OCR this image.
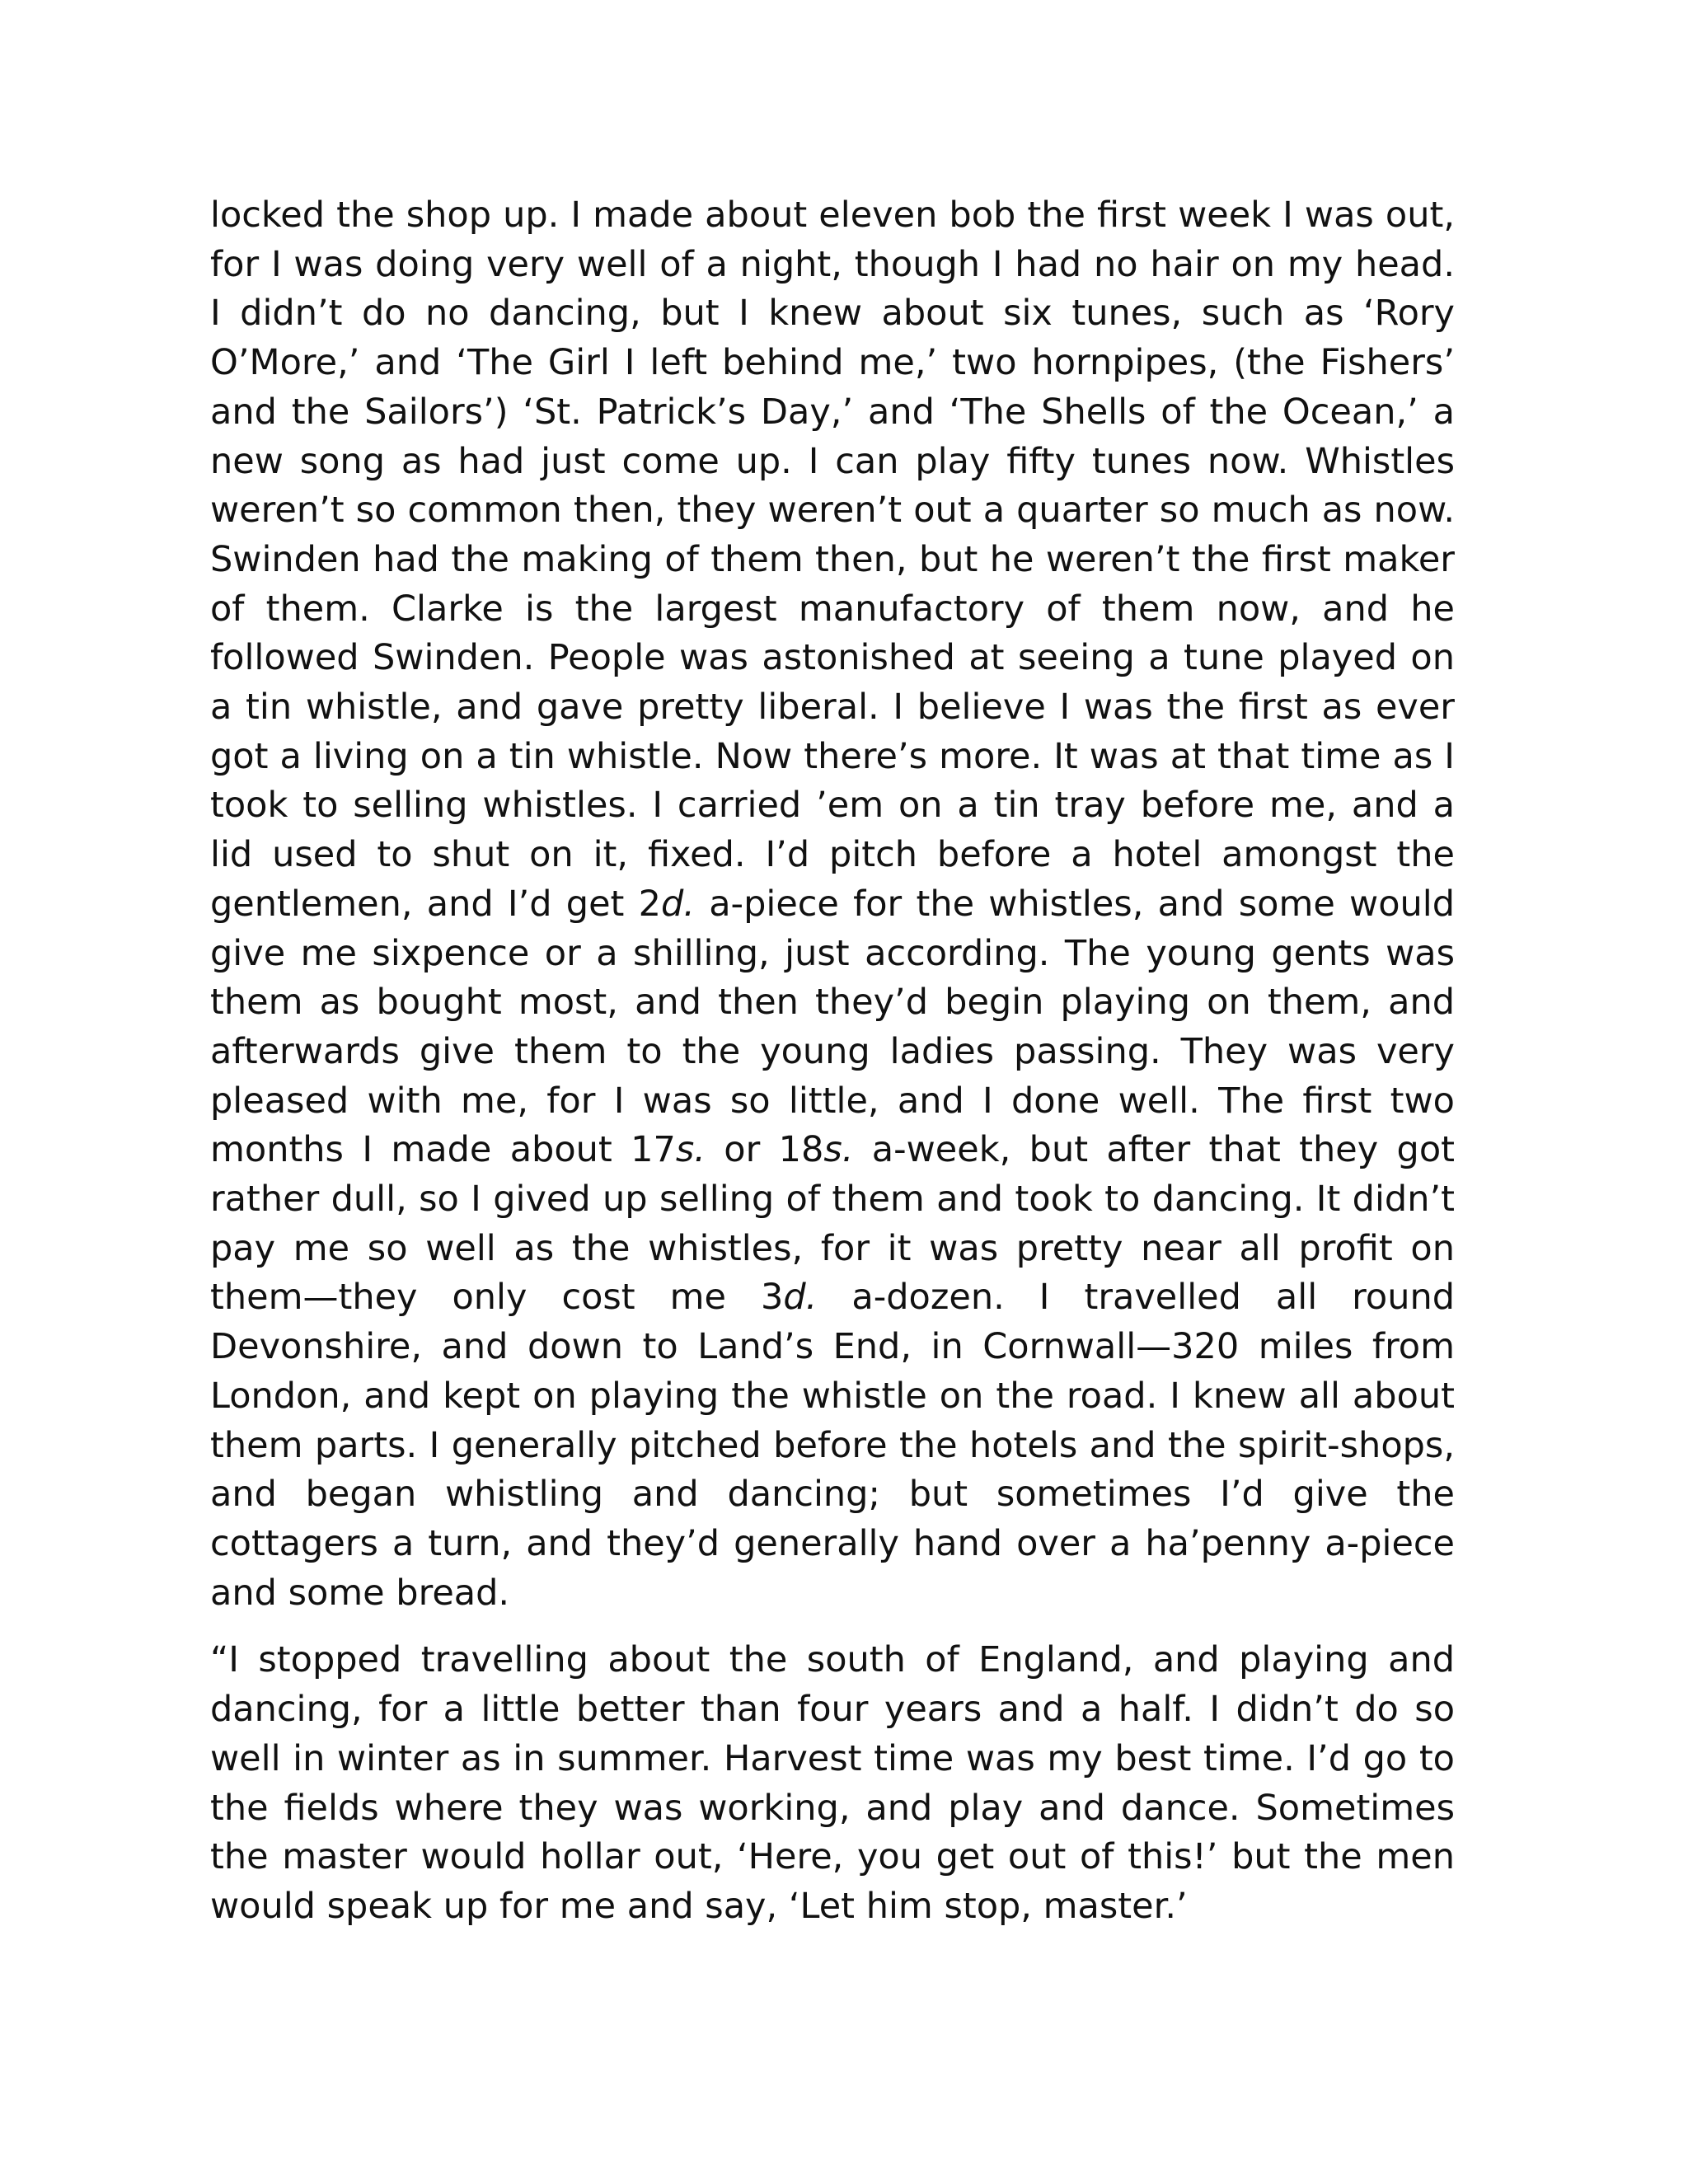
locked the shop up. I made about eleven bob the first week I was out, for I was doing very well of a night, though I had no hair on my head. I didn’t do no dancing, but I knew about six tunes, such as ‘Rory O’More,’ and ‘The Girl I left behind me,’ two hornpipes, (the Fishers’ and the Sailors’) ‘St. Patrick’s Day,’ and ‘The Shells of the Ocean,’ a new song as had just come up. I can play fifty tunes now. Whistles weren’t so common then, they weren’t out a quarter so much as now. Swinden had the making of them then, but he weren’t the first maker of them. Clarke is the largest manufactory of them now, and he followed Swinden. People was astonished at seeing a tune played on a tin whistle, and gave pretty liberal. I believe I was the first as ever got a living on a tin whistle. Now there’s more. It was at that time as I took to selling whistles. I carried ’em on a tin tray before me, and a lid used to shut on it, fixed. I’d pitch before a hotel amongst the gentlemen, and I’d get 2d. a-piece for the whistles, and some would give me sixpence or a shilling, just according. The young gents was them as bought most, and then they’d begin playing on them, and afterwards give them to the young ladies passing. They was very pleased with me, for I was so little, and I done well. The first two months I made about 17s. or 18s. a-week, but after that they got rather dull, so I gived up selling of them and took to dancing. It didn’t pay me so well as the whistles, for it was pretty near all profit on them—they only cost me 3d. a-dozen. I travelled all round Devonshire, and down to Land’s End, in Cornwall—320 miles from London, and kept on playing the whistle on the road. I knew all about them parts. I generally pitched before the hotels and the spirit-shops, and began whistling and dancing; but sometimes I’d give the cottagers a turn, and they’d generally hand over a ha’penny a-piece and some bread.

“I stopped travelling about the south of England, and playing and dancing, for a little better than four years and a half. I didn’t do so well in winter as in summer. Harvest time was my best time. I’d go to the fields where they was working, and play and dance. Sometimes the master would hollar out, ‘Here, you get out of this!’ but the men would speak up for me and say, ‘Let him stop, master.’
